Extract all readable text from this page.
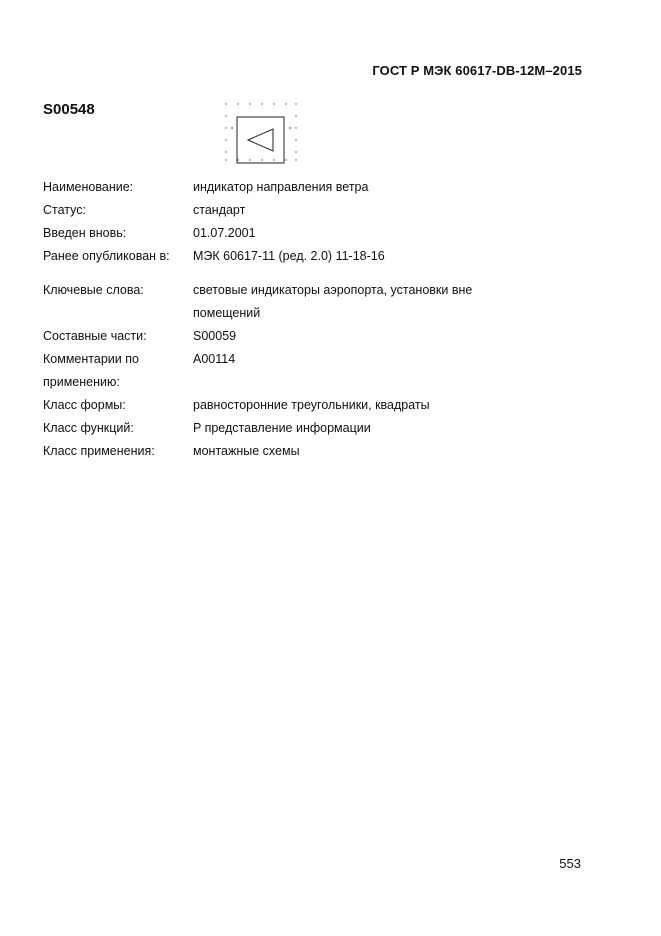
ГОСТ Р МЭК 60617-DB-12M–2015
S00548
Наименование:	индикатор направления ветра
Статус:	стандарт
Введен вновь:	01.07.2001
Ранее опубликован в:	МЭК 60617-11 (ред. 2.0) 11-18-16
Ключевые слова:	световые индикаторы аэропорта, установки вне помещений
Составные части:	S00059
Комментарии по применению:
A00114
Класс формы:	равносторонние треугольники, квадраты
Класс функций:	P представление информации
Класс применения:	монтажные схемы
553
